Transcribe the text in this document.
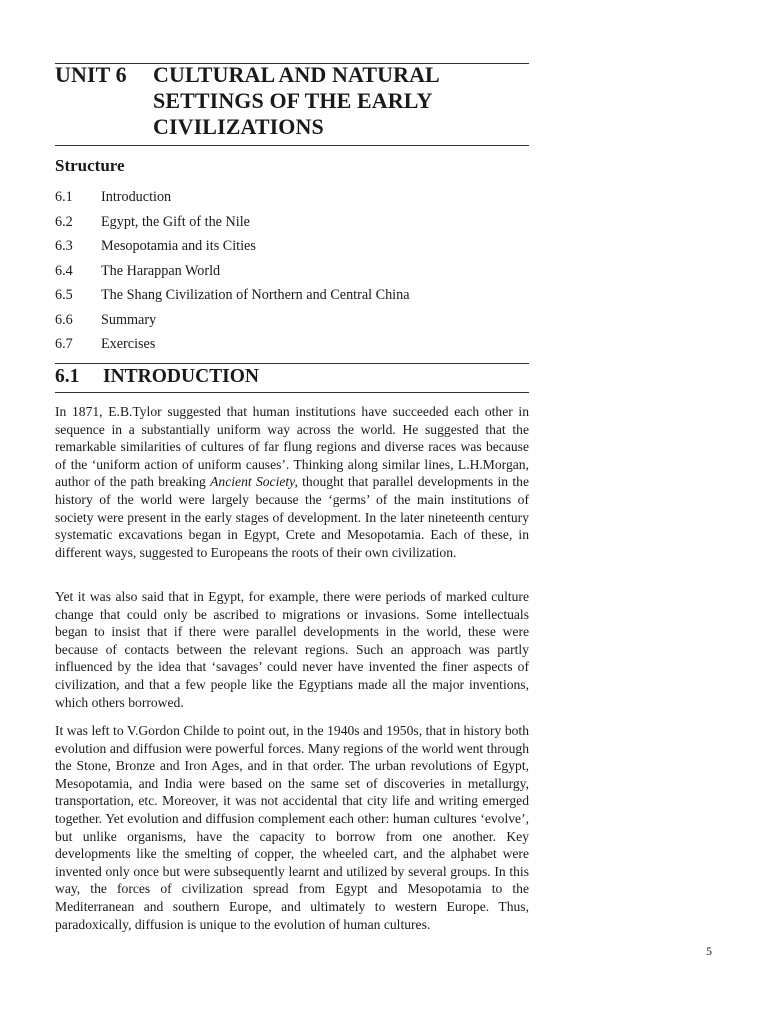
UNIT 6 CULTURAL AND NATURAL SETTINGS OF THE EARLY CIVILIZATIONS
Structure
6.1 Introduction
6.2 Egypt, the Gift of the Nile
6.3 Mesopotamia and its Cities
6.4 The Harappan World
6.5 The Shang Civilization of Northern and Central China
6.6 Summary
6.7 Exercises
6.1 INTRODUCTION

In 1871, E.B.Tylor suggested that human institutions have succeeded each other in sequence in a substantially uniform way across the world. He suggested that the remarkable similarities of cultures of far flung regions and diverse races was because of the ‘uniform action of uniform causes’. Thinking along similar lines, L.H.Morgan, author of the path breaking Ancient Society, thought that parallel developments in the history of the world were largely because the ‘germs’ of the main institutions of society were present in the early stages of development. In the later nineteenth century systematic excavations began in Egypt, Crete and Mesopotamia. Each of these, in different ways, suggested to Europeans the roots of their own civilization.

Yet it was also said that in Egypt, for example, there were periods of marked culture change that could only be ascribed to migrations or invasions. Some intellectuals began to insist that if there were parallel developments in the world, these were because of contacts between the relevant regions. Such an approach was partly influenced by the idea that ‘savages’ could never have invented the finer aspects of civilization, and that a few people like the Egyptians made all the major inventions, which others borrowed.

It was left to V.Gordon Childe to point out, in the 1940s and 1950s, that in history both evolution and diffusion were powerful forces. Many regions of the world went through the Stone, Bronze and Iron Ages, and in that order. The urban revolutions of Egypt, Mesopotamia, and India were based on the same set of discoveries in metallurgy, transportation, etc. Moreover, it was not accidental that city life and writing emerged together. Yet evolution and diffusion complement each other: human cultures ‘evolve’, but unlike organisms, have the capacity to borrow from one another. Key developments like the smelting of copper, the wheeled cart, and the alphabet were invented only once but were subsequently learnt and utilized by several groups. In this way, the forces of civilization spread from Egypt and Mesopotamia to the Mediterranean and southern Europe, and ultimately to western Europe. Thus, paradoxically, diffusion is unique to the evolution of human cultures.

5
